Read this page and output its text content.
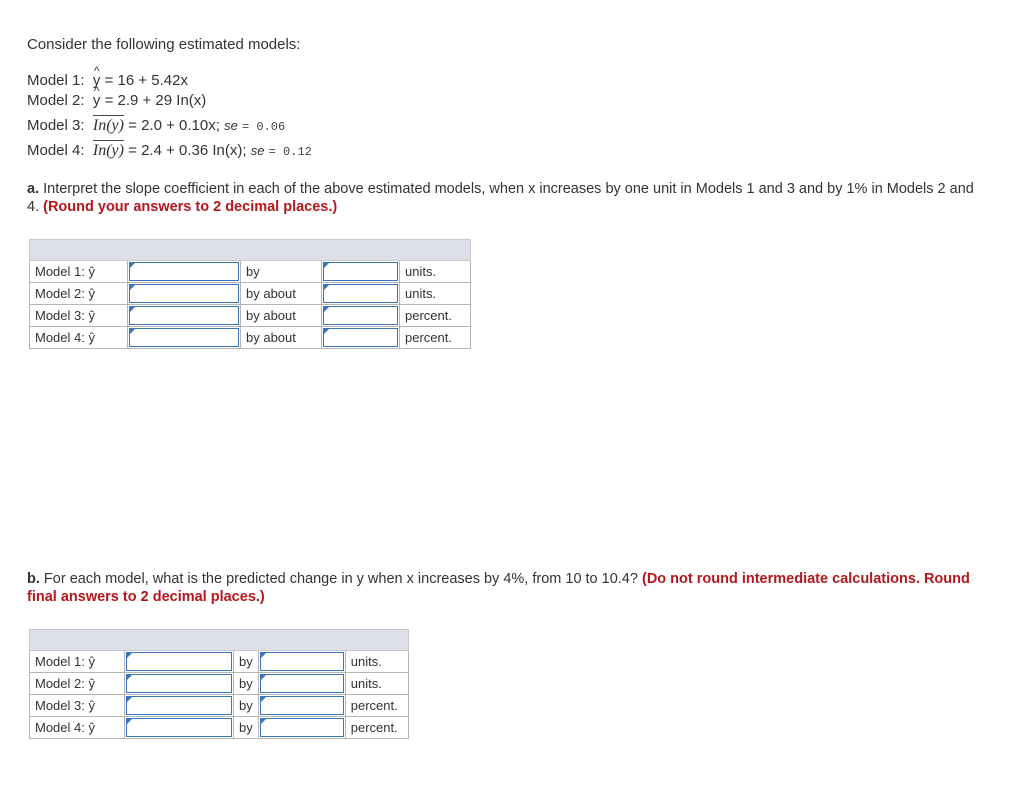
Consider the following estimated models:
Model 1: ^ y = 16 + 5.42x
Model 2: ^ y = 2.9 + 29 In(x)
Model 3: In(y) = 2.0 + 0.10x; se = 0.06
Model 4: In(y) = 2.4 + 0.36 In(x); se = 0.12
a. Interpret the slope coefficient in each of the above estimated models, when x increases by one unit in Models 1 and 3 and by 1% in Models 2 and 4. (Round your answers to 2 decimal places.)

Model 1: ŷ		by		units.
Model 2: ŷ		by about		units.
Model 3: ŷ		by about		percent.
Model 4: ŷ		by about		percent.
b. For each model, what is the predicted change in y when x increases by 4%, from 10 to 10.4? (Do not round intermediate calculations. Round final answers to 2 decimal places.)

Model 1: ŷ		by		units.
Model 2: ŷ		by		units.
Model 3: ŷ		by		percent.
Model 4: ŷ		by		percent.
